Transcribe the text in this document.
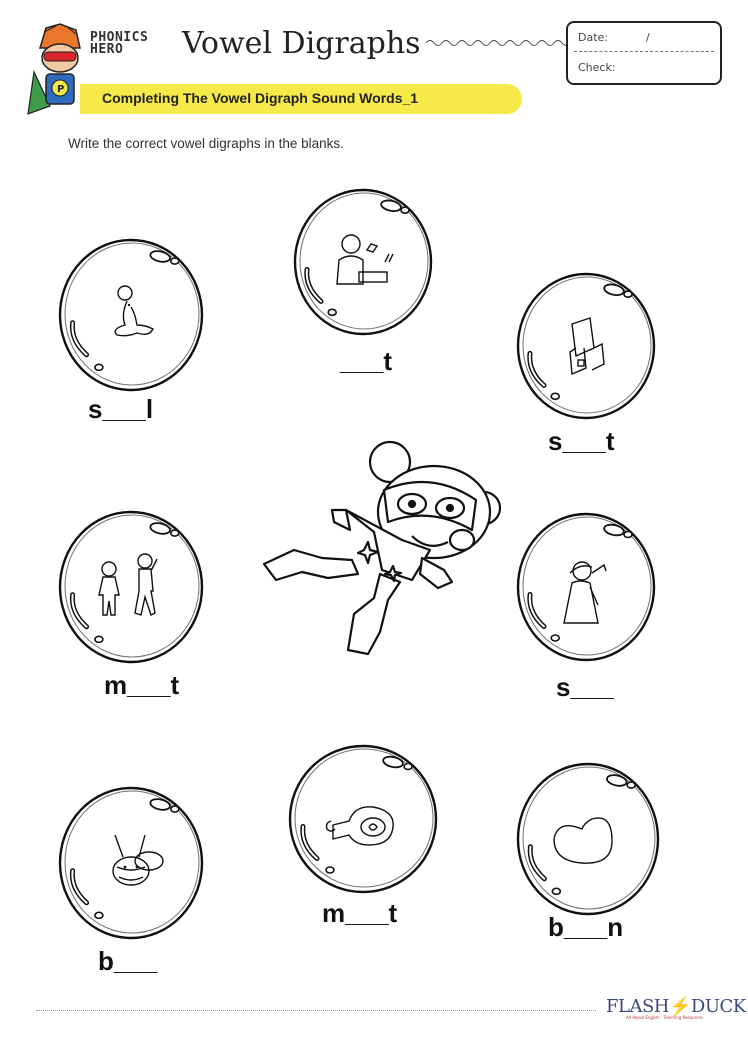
P
PHONICS
HERO	Vowel Digraphs	Date:	/
Check:
Completing The Vowel Digraph Sound Words_1
Write the correct vowel digraphs in the blanks.
s___l
___t
s___t
m___t	s___
b___
m___t	b___n
FLASH⚡DUCK
All About English · Teaching Resources
